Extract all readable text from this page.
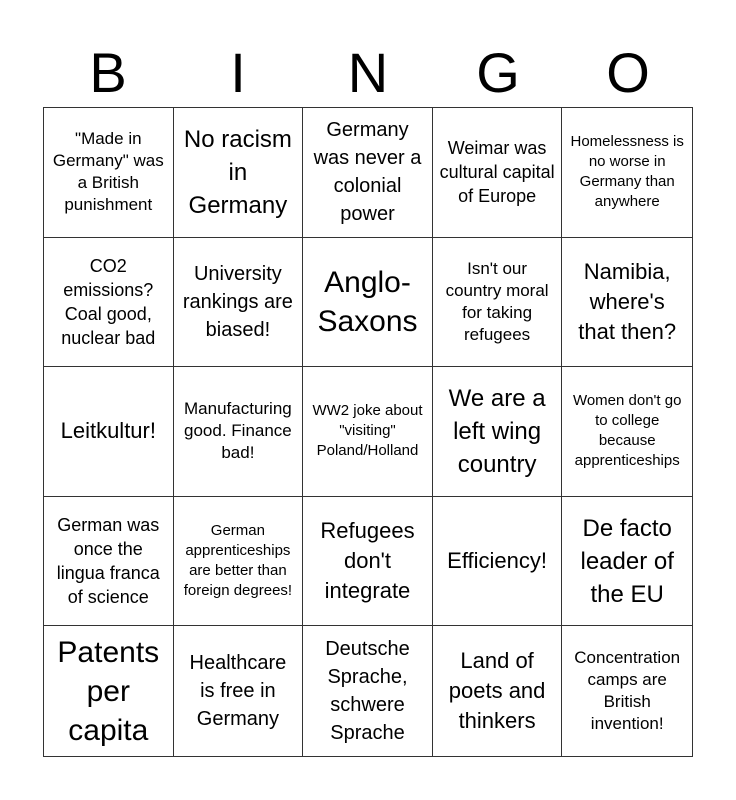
B	I	N	G	O
"Made in Germany" was a British punishment
No racism in Germany
Germany was never a colonial power
Weimar was cultural capital of Europe
Homelessness is no worse in Germany than anywhere
CO2 emissions? Coal good, nuclear bad
University rankings are biased!
Anglo-Saxons
Isn't our country moral for taking refugees
Namibia, where's that then?
Leitkultur!
Manufacturing good. Finance bad!
WW2 joke about "visiting" Poland/Holland
We are a left wing country
Women don't go to college because apprenticeships
German was once the lingua franca of science
German apprenticeships are better than foreign degrees!
Refugees don't integrate
Efficiency!
De facto leader of the EU
Patents per capita
Healthcare is free in Germany
Deutsche Sprache, schwere Sprache
Land of poets and thinkers
Concentration camps are British invention!
